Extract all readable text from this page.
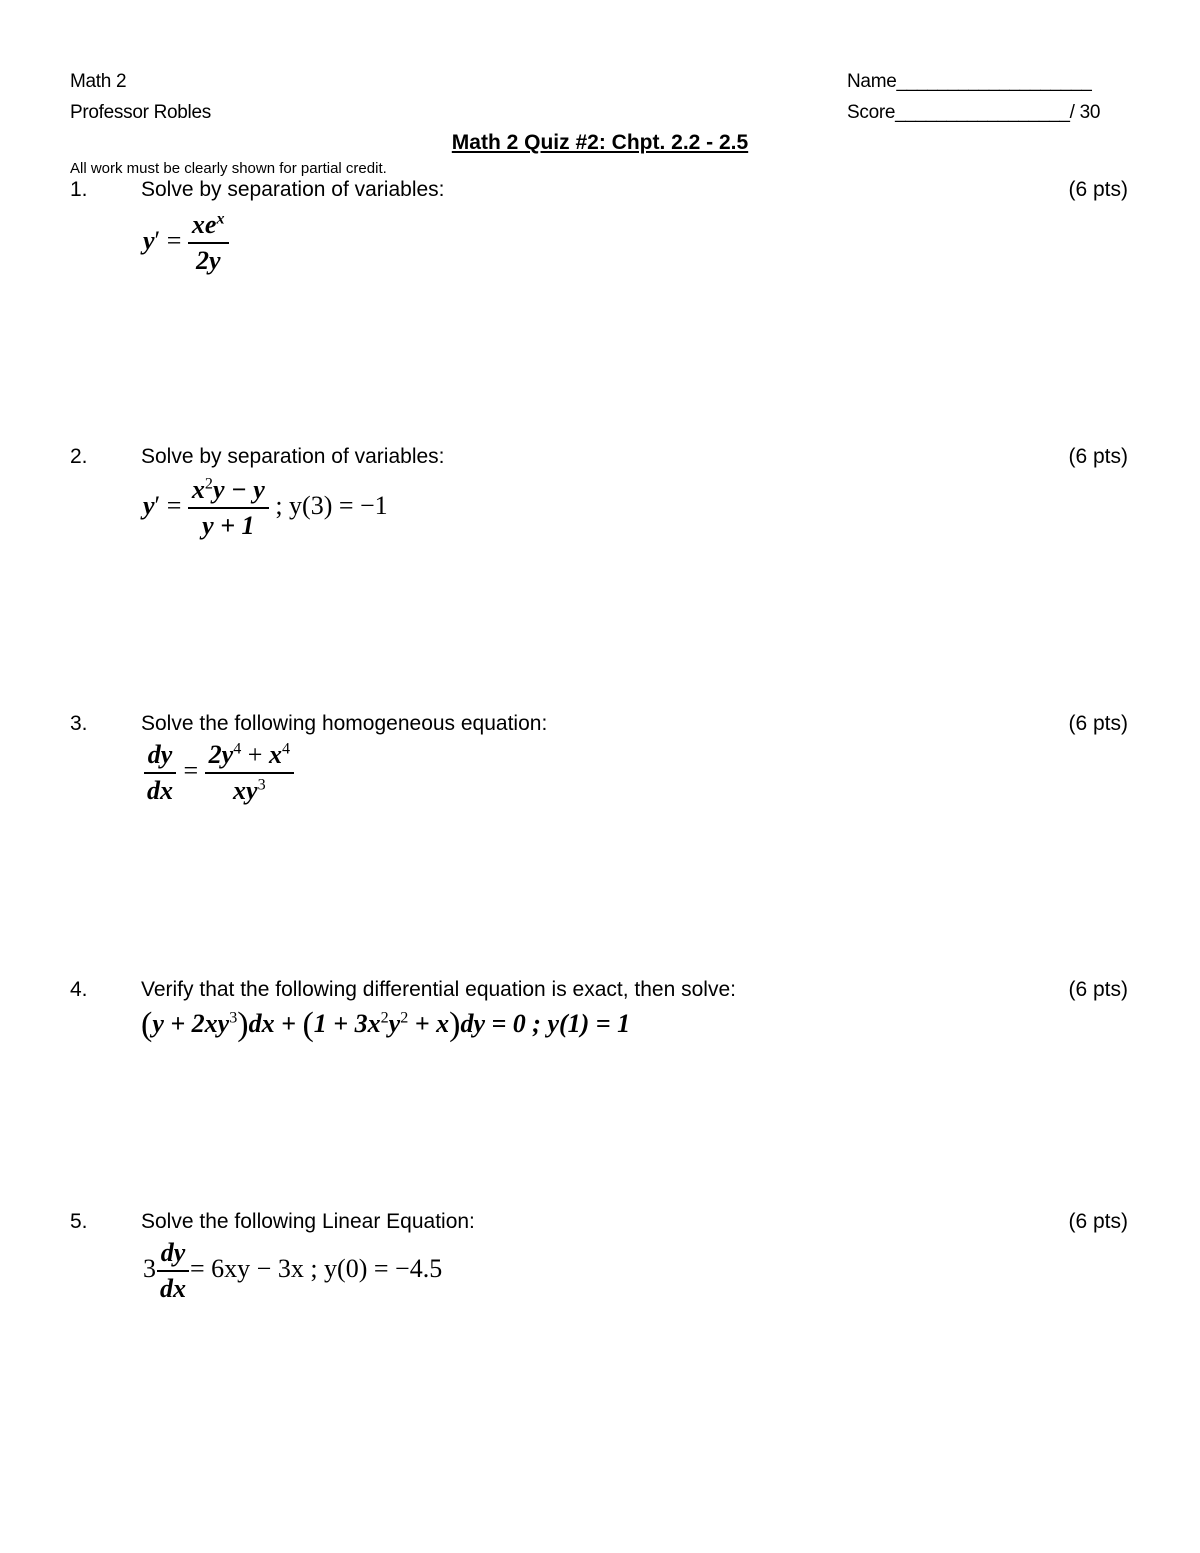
Math 2
Professor Robles
Name___________________
Score_________________/ 30
Math 2 Quiz #2: Chpt. 2.2 - 2.5
All work must be clearly shown for partial credit.
1.	Solve by separation of variables:	(6 pts)
$y' = \frac{xe^x}{2y}$
2.	Solve by separation of variables:	(6 pts)
$y' = \frac{x^2y - y}{y + 1}$ ; y(3) = −1
3.	Solve the following homogeneous equation:	(6 pts)
$\frac{dy}{dx} = \frac{2y^4 + x^4}{xy^3}$
4.	Verify that the following differential equation is exact, then solve:	(6 pts)
$(y + 2xy^3)dx + (1 + 3x^2y^2 + x)dy = 0$ ; y(1) = 1
5.	Solve the following Linear Equation:	(6 pts)
$3 \frac{dy}{dx} = 6xy - 3x$ ; y(0) = −4.5
